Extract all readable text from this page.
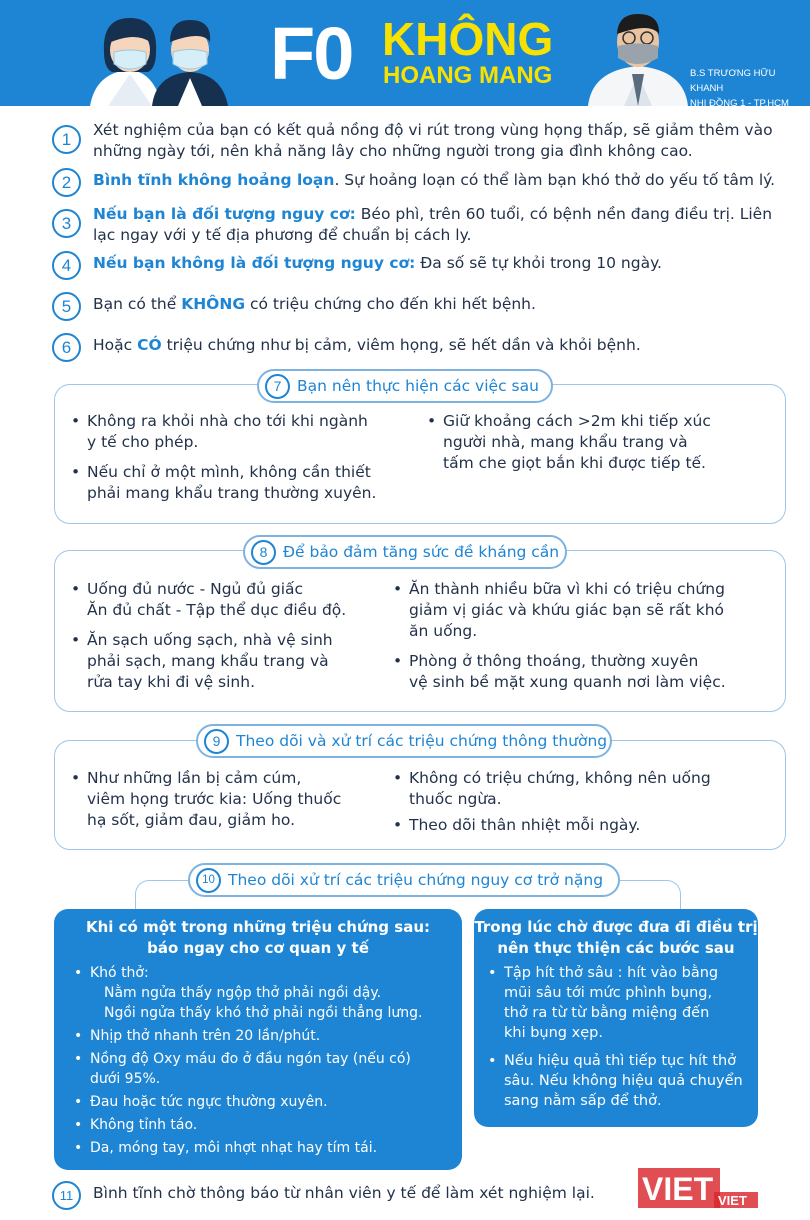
F0 KHÔNG
HOANG MANG	B.S TRƯƠNG HỮU KHANH
NHI ĐỒNG 1 - TP.HCM
1	Xét nghiệm của bạn có kết quả nồng độ vi rút trong vùng họng thấp, sẽ giảm thêm vào những ngày tới, nên khả năng lây cho những người trong gia đình không cao.
2	Bình tĩnh không hoảng loạn. Sự hoảng loạn có thể làm bạn khó thở do yếu tố tâm lý.
3	Nếu bạn là đối tượng nguy cơ: Béo phì, trên 60 tuổi, có bệnh nền đang điều trị. Liên lạc ngay với y tế địa phương để chuẩn bị cách ly.
4	Nếu bạn không là đối tượng nguy cơ: Đa số sẽ tự khỏi trong 10 ngày.
5	Bạn có thể KHÔNG có triệu chứng cho đến khi hết bệnh.
6	Hoặc CÓ triệu chứng như bị cảm, viêm họng, sẽ hết dần và khỏi bệnh.
• Không ra khỏi nhà cho tới khi ngành
y tế cho phép.
• Nếu chỉ ở một mình, không cần thiết
phải mang khẩu trang thường xuyên.
• Giữ khoảng cách >2m khi tiếp xúc
người nhà, mang khẩu trang và
tấm che giọt bắn khi được tiếp tế.
7	Bạn nên thực hiện các việc sau
• Uống đủ nước - Ngủ đủ giấc
Ăn đủ chất - Tập thể dục điều độ.
• Ăn sạch uống sạch, nhà vệ sinh
phải sạch, mang khẩu trang và
rửa tay khi đi vệ sinh.
• Ăn thành nhiều bữa vì khi có triệu chứng
giảm vị giác và khứu giác bạn sẽ rất khó
ăn uống.
• Phòng ở thông thoáng, thường xuyên
vệ sinh bề mặt xung quanh nơi làm việc.
8	Để bảo đảm tăng sức đề kháng cần
• Như những lần bị cảm cúm,
viêm họng trước kia: Uống thuốc
hạ sốt, giảm đau, giảm ho.
• Không có triệu chứng, không nên uống
thuốc ngừa.
• Theo dõi thân nhiệt mỗi ngày.
9	Theo dõi và xử trí các triệu chứng thông thường
10 Theo dõi xử trí các triệu chứng nguy cơ trở nặng
Khi có một trong những triệu chứng sau:
báo ngay cho cơ quan y tế
• Khó thở:
Nằm ngửa thấy ngộp thở phải ngồi dậy.
Ngồi ngửa thấy khó thở phải ngồi thẳng lưng.
• Nhịp thở nhanh trên 20 lần/phút.
• Nồng độ Oxy máu đo ở đầu ngón tay (nếu có)
dưới 95%.
• Đau hoặc tức ngực thường xuyên.
• Không tỉnh táo.
• Da, móng tay, môi nhợt nhạt hay tím tái.
Trong lúc chờ được đưa đi điều trị
nên thực thiện các bước sau
• Tập hít thở sâu : hít vào bằng
mũi sâu tới mức phình bụng,
thở ra từ từ bằng miệng đến
khi bụng xẹp.
• Nếu hiệu quả thì tiếp tục hít thở
sâu. Nếu không hiệu quả chuyển
sang nằm sấp để thở.
11	Bình tĩnh chờ thông báo từ nhân viên y tế để làm xét nghiệm lại.	VIET VIET
